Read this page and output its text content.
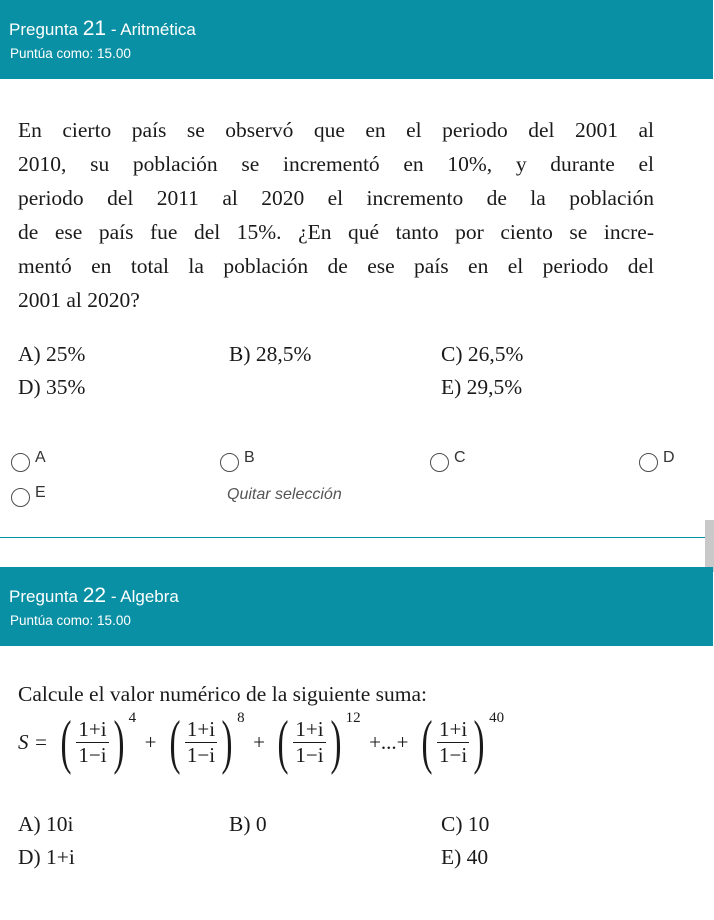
Pregunta 21 - Aritmética
Puntúa como: 15.00
En cierto país se observó que en el periodo del 2001 al
2010, su población se incrementó en 10%, y durante el
periodo del 2011 al 2020 el incremento de la población
de ese país fue del 15%. ¿En qué tanto por ciento se incre-
mentó en total la población de ese país en el periodo del
2001 al 2020?
A) 25%	B) 28,5%	C) 26,5%
D) 35%	E) 29,5%
A	B	C	D
E	Quitar selección
Pregunta 22 - Algebra
Puntúa como: 15.00
Calcule el valor numérico de la siguiente suma:
S = ( $\frac{1+i}{1-i}$ ) 4 + ( $\frac{1+i}{1-i}$ ) 8 + ( $\frac{1+i}{1-i}$ ) 12 +...+ ( $\frac{1+i}{1-i}$ ) 40
A) 10i	B) 0	C) 10
D) 1+i	E) 40
